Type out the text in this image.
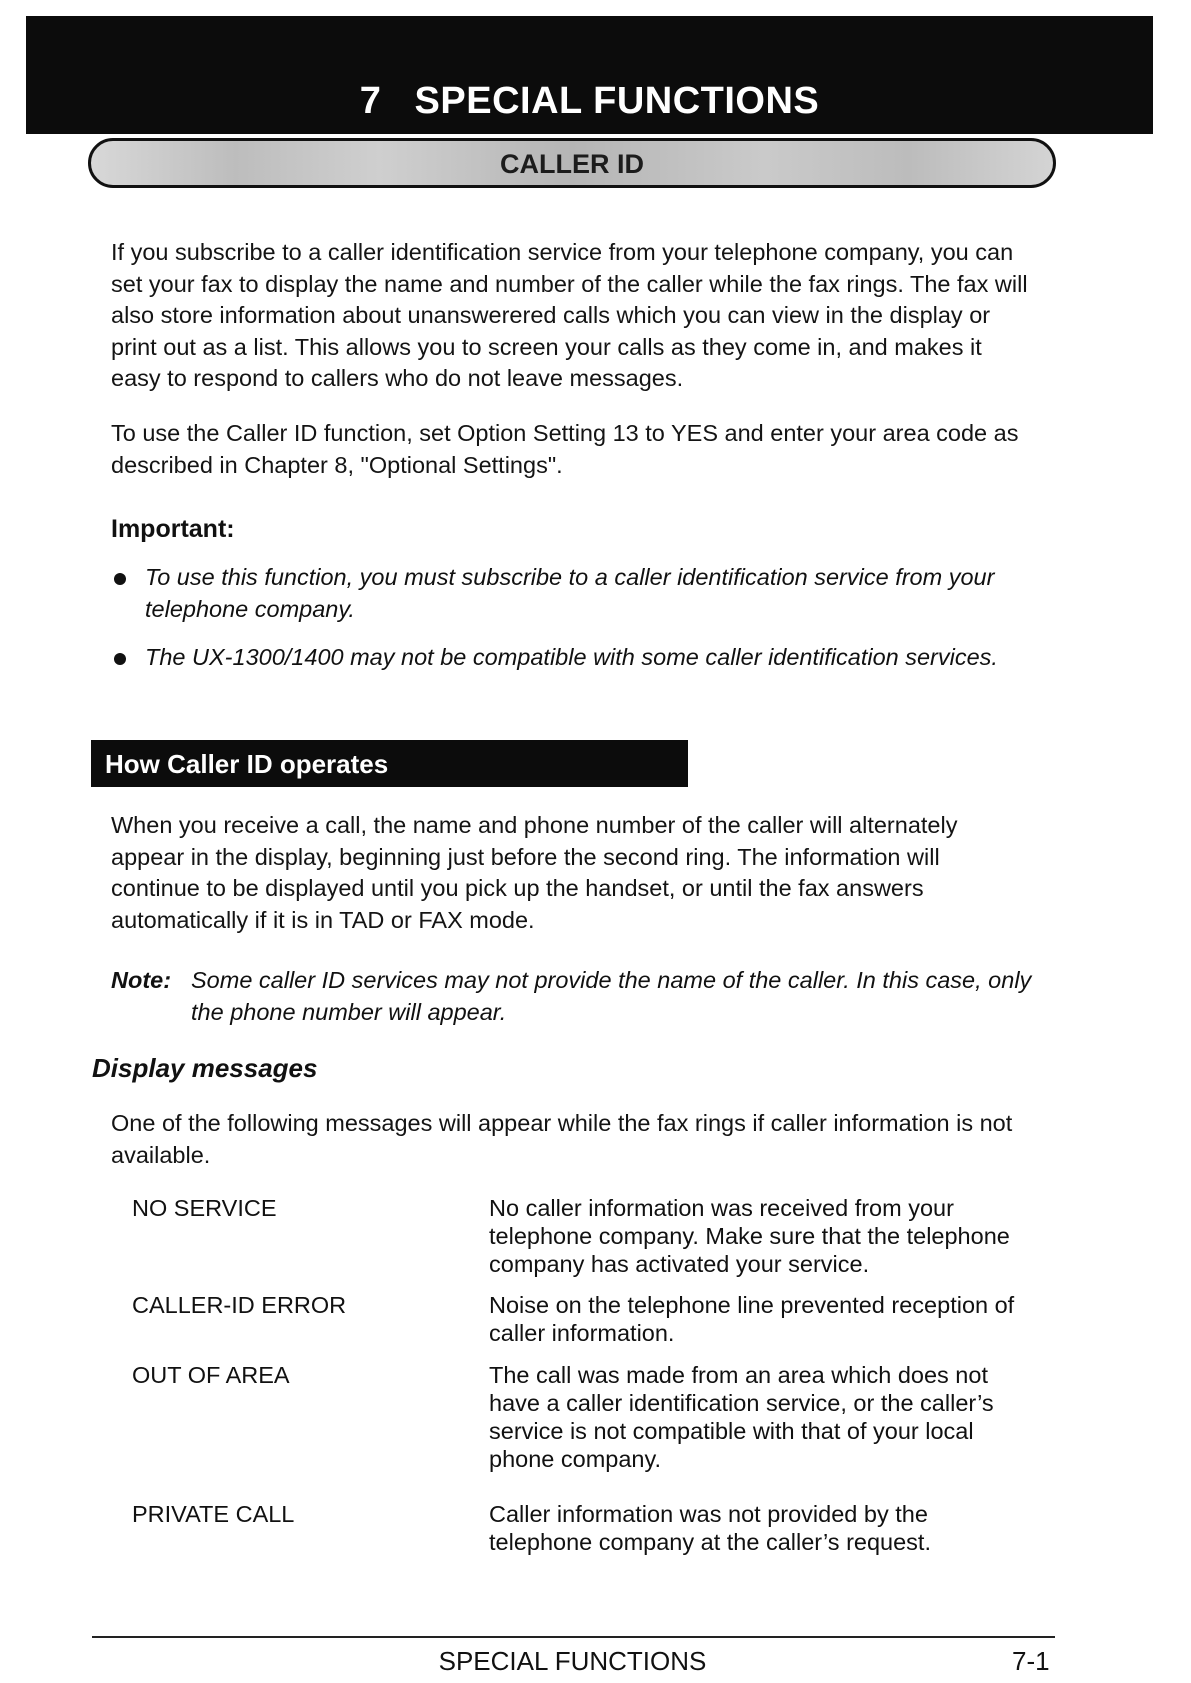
7 SPECIAL FUNCTIONS
CALLER ID

If you subscribe to a caller identification service from your telephone company, you can set your fax to display the name and number of the caller while the fax rings. The fax will also store information about unanswerered calls which you can view in the display or print out as a list. This allows you to screen your calls as they come in, and makes it easy to respond to callers who do not leave messages.

To use the Caller ID function, set Option Setting 13 to YES and enter your area code as described in Chapter 8, "Optional Settings".

Important:
To use this function, you must subscribe to a caller identification service from your telephone company.
The UX-1300/1400 may not be compatible with some caller identification services.
How Caller ID operates

When you receive a call, the name and phone number of the caller will alternately appear in the display, beginning just before the second ring. The information will continue to be displayed until you pick up the handset, or until the fax answers automatically if it is in TAD or FAX mode.

Note: Some caller ID services may not provide the name of the caller. In this case, only the phone number will appear.
Display messages

One of the following messages will appear while the fax rings if caller information is not available.

NO SERVICE	No caller information was received from your telephone company. Make sure that the telephone company has activated your service.
CALLER-ID ERROR	Noise on the telephone line prevented reception of caller information.
OUT OF AREA	The call was made from an area which does not have a caller identification service, or the caller’s service is not compatible with that of your local phone company.
PRIVATE CALL	Caller information was not provided by the telephone company at the caller’s request.
SPECIAL FUNCTIONS	7-1
